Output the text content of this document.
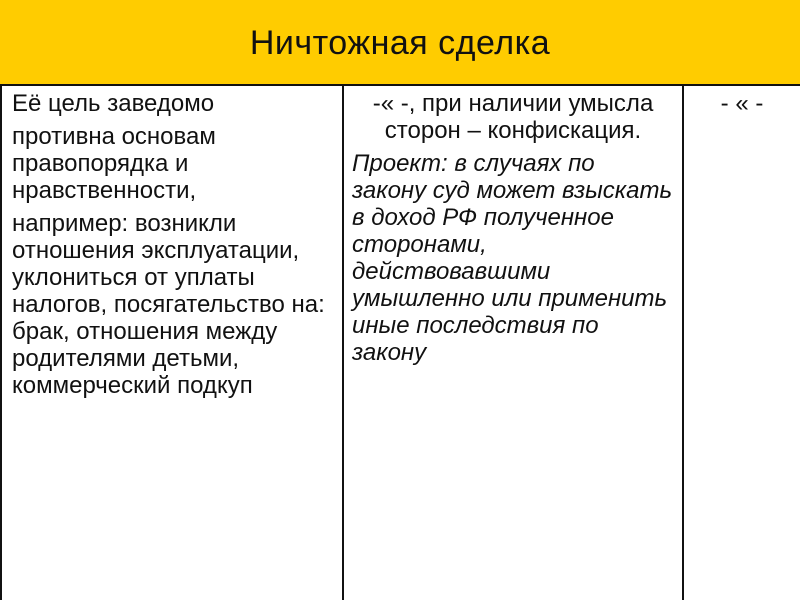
Ничтожная сделка

Её цель заведомо

противна основам правопорядка и нравственности,

например: возникли отношения эксплуатации, уклониться от уплаты налогов, посягательство на: брак, отношения между родителями детьми, коммерческий подкуп

-« -, при наличии умысла сторон – конфискация.

Проект: в случаях по закону суд может взыскать в доход РФ полученное сторонами, действовавшими умышленно или применить иные последствия по закону

- « -
